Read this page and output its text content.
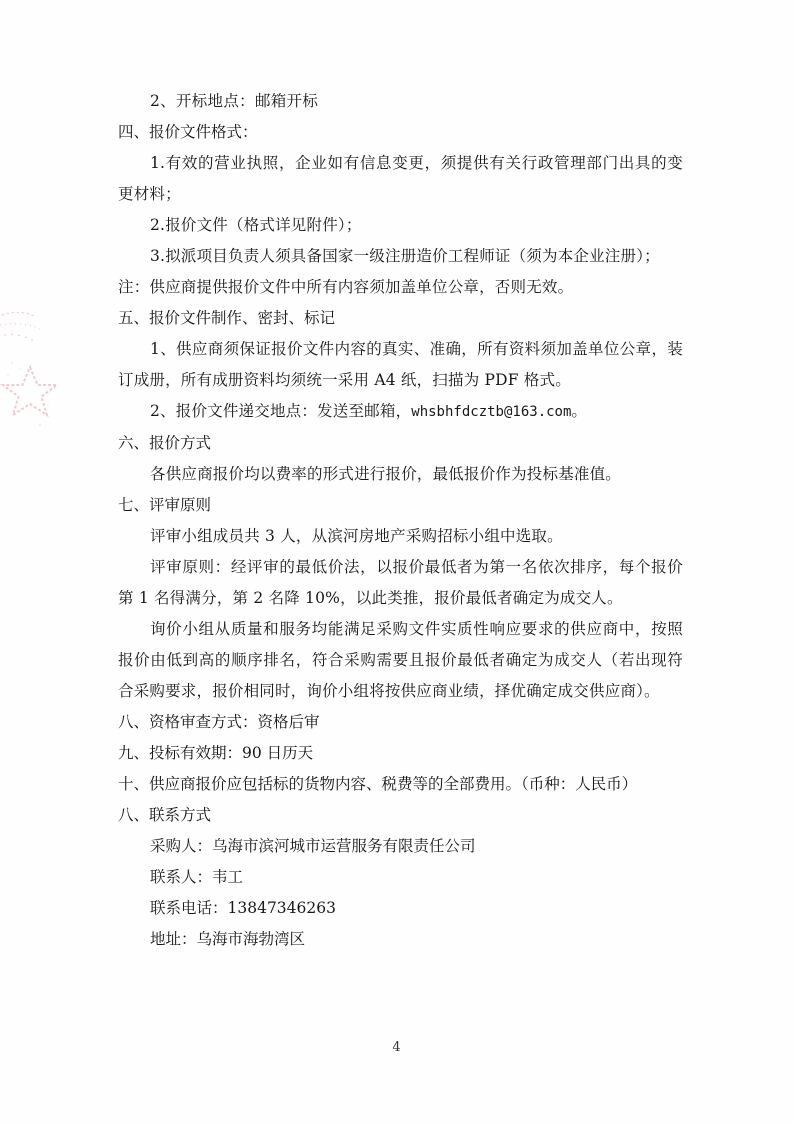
2、开标地点：邮箱开标
四、报价文件格式：
1.有效的营业执照，企业如有信息变更，须提供有关行政管理部门出具的变更材料；
2.报价文件（格式详见附件）；
3.拟派项目负责人须具备国家一级注册造价工程师证（须为本企业注册）；
注：供应商提供报价文件中所有内容须加盖单位公章，否则无效。
五、报价文件制作、密封、标记
1、供应商须保证报价文件内容的真实、准确，所有资料须加盖单位公章，装订成册，所有成册资料均须统一采用 A4 纸，扫描为 PDF 格式。
2、报价文件递交地点：发送至邮箱，whsbhfdcztb@163.com。
六、报价方式
各供应商报价均以费率的形式进行报价，最低报价作为投标基准值。
七、评审原则
评审小组成员共 3 人，从滨河房地产采购招标小组中选取。
评审原则：经评审的最低价法，以报价最低者为第一名依次排序，每个报价第 1 名得满分，第 2 名降 10%，以此类推，报价最低者确定为成交人。
询价小组从质量和服务均能满足采购文件实质性响应要求的供应商中，按照报价由低到高的顺序排名，符合采购需要且报价最低者确定为成交人（若出现符合采购要求，报价相同时，询价小组将按供应商业绩，择优确定成交供应商）。
八、资格审查方式：资格后审
九、投标有效期：90 日历天
十、供应商报价应包括标的货物内容、税费等的全部费用。（币种：人民币）
八、联系方式
采购人：乌海市滨河城市运营服务有限责任公司
联系人：韦工
联系电话：13847346263
地址：乌海市海勃湾区
4
